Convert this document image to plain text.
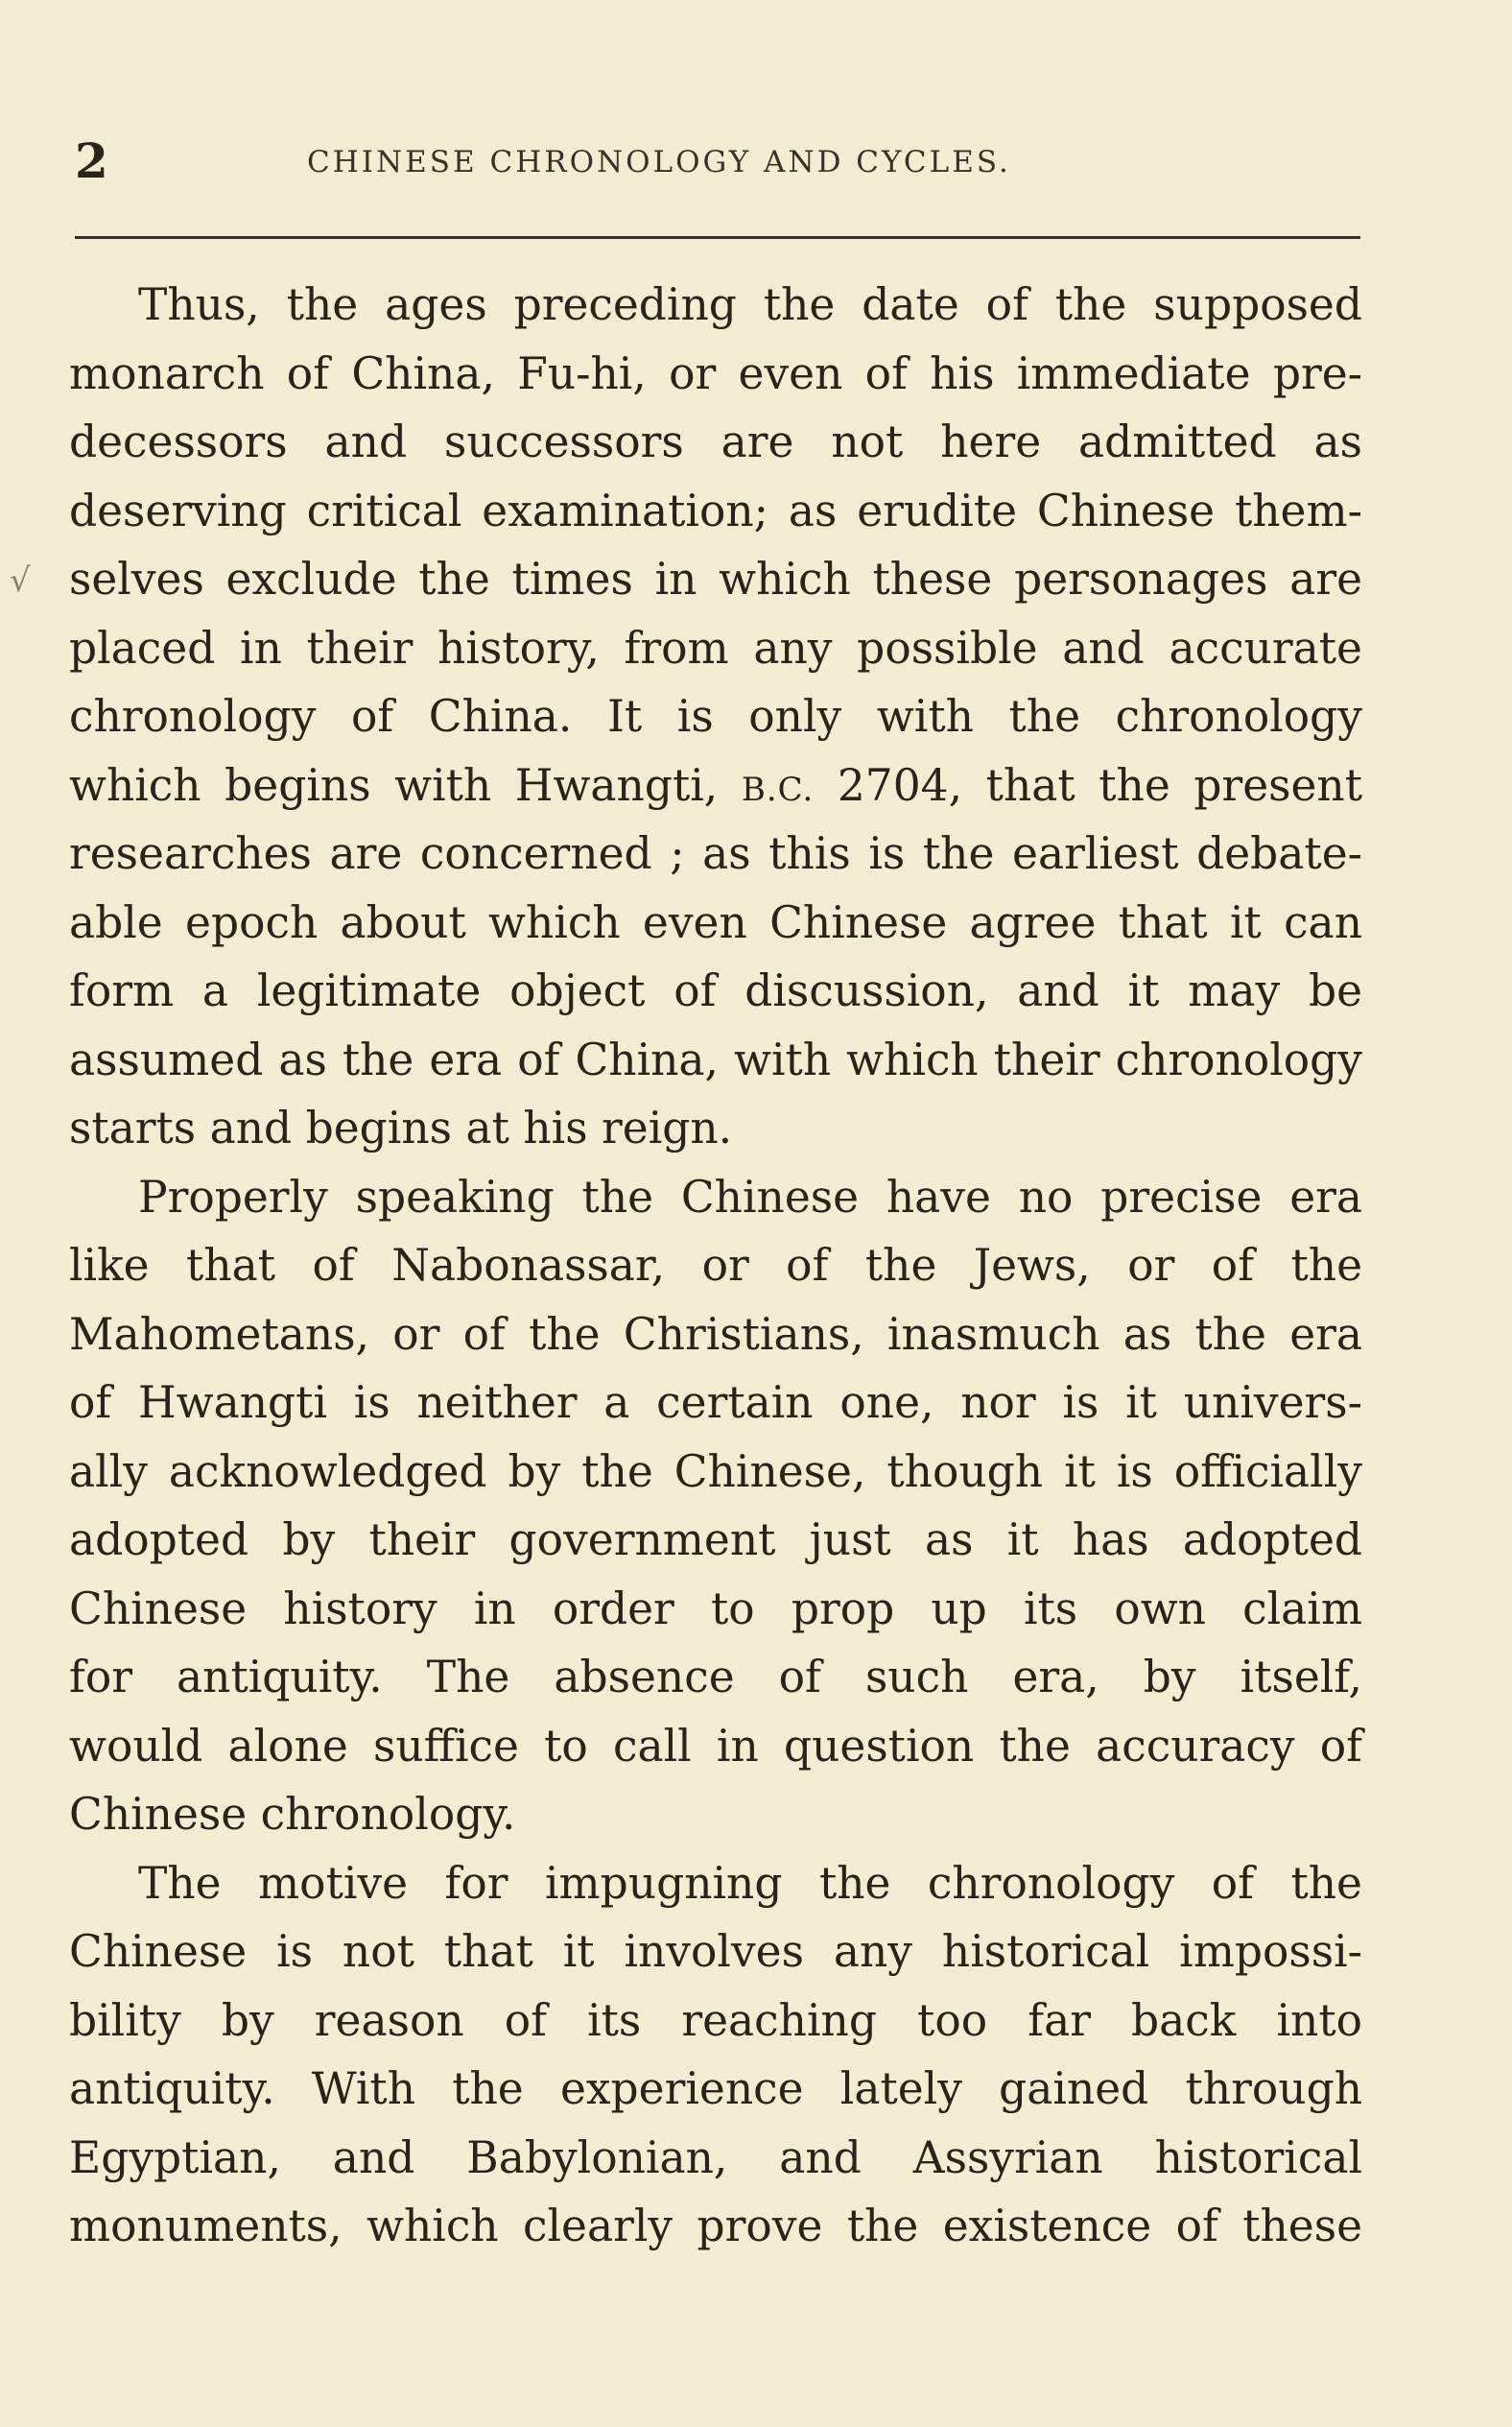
2	CHINESE CHRONOLOGY AND CYCLES.
√
Thus, the ages preceding the date of the supposed
monarch of China, Fu-hi, or even of his immediate pre-
decessors and successors are not here admitted as
deserving critical examination; as erudite Chinese them-
selves exclude the times in which these personages are
placed in their history, from any possible and accurate
chronology of China. It is only with the chronology
which begins with Hwangti, B.C. 2704, that the present
researches are concerned ; as this is the earliest debate-
able epoch about which even Chinese agree that it can
form a legitimate object of discussion, and it may be
assumed as the era of China, with which their chronology
starts and begins at his reign.
Properly speaking the Chinese have no precise era
like that of Nabonassar, or of the Jews, or of the
Mahometans, or of the Christians, inasmuch as the era
of Hwangti is neither a certain one, nor is it univers-
ally acknowledged by the Chinese, though it is officially
adopted by their government just as it has adopted
Chinese history in order to prop up its own claim
for antiquity. The absence of such era, by itself,
would alone suffice to call in question the accuracy of
Chinese chronology.
The motive for impugning the chronology of the
Chinese is not that it involves any historical impossi-
bility by reason of its reaching too far back into
antiquity. With the experience lately gained through
Egyptian, and Babylonian, and Assyrian historical
monuments, which clearly prove the existence of these
